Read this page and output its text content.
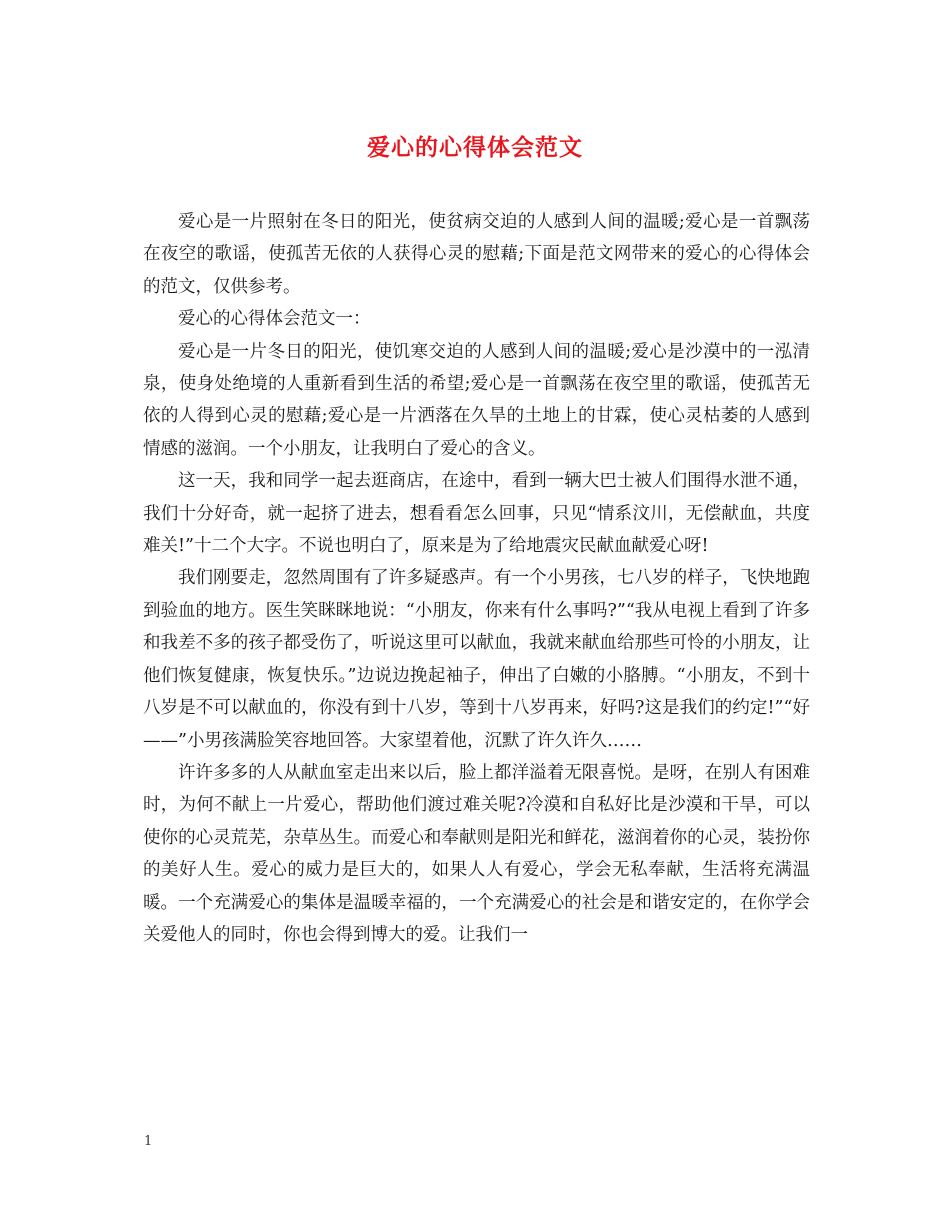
爱心的心得体会范文

爱心是一片照射在冬日的阳光，使贫病交迫的人感到人间的温暖;爱心是一首飘荡在夜空的歌谣，使孤苦无依的人获得心灵的慰藉;下面是范文网带来的爱心的心得体会的范文，仅供参考。

爱心的心得体会范文一：

爱心是一片冬日的阳光，使饥寒交迫的人感到人间的温暖;爱心是沙漠中的一泓清泉，使身处绝境的人重新看到生活的希望;爱心是一首飘荡在夜空里的歌谣，使孤苦无依的人得到心灵的慰藉;爱心是一片洒落在久旱的土地上的甘霖，使心灵枯萎的人感到情感的滋润。一个小朋友，让我明白了爱心的含义。

这一天，我和同学一起去逛商店，在途中，看到一辆大巴士被人们围得水泄不通，我们十分好奇，就一起挤了进去，想看看怎么回事，只见“情系汶川，无偿献血，共度难关!”十二个大字。不说也明白了，原来是为了给地震灾民献血献爱心呀!

我们刚要走，忽然周围有了许多疑惑声。有一个小男孩，七八岁的样子，飞快地跑到验血的地方。医生笑眯眯地说：“小朋友，你来有什么事吗?”“我从电视上看到了许多和我差不多的孩子都受伤了，听说这里可以献血，我就来献血给那些可怜的小朋友，让他们恢复健康，恢复快乐。”边说边挽起袖子，伸出了白嫩的小胳膊。“小朋友，不到十八岁是不可以献血的，你没有到十八岁，等到十八岁再来，好吗?这是我们的约定!”“好——”小男孩满脸笑容地回答。大家望着他，沉默了许久许久……

许许多多的人从献血室走出来以后，脸上都洋溢着无限喜悦。是呀，在别人有困难时，为何不献上一片爱心，帮助他们渡过难关呢?冷漠和自私好比是沙漠和干旱，可以使你的心灵荒芜，杂草丛生。而爱心和奉献则是阳光和鲜花，滋润着你的心灵，装扮你的美好人生。爱心的威力是巨大的，如果人人有爱心，学会无私奉献，生活将充满温暖。一个充满爱心的集体是温暖幸福的，一个充满爱心的社会是和谐安定的，在你学会关爱他人的同时，你也会得到博大的爱。让我们一

1
